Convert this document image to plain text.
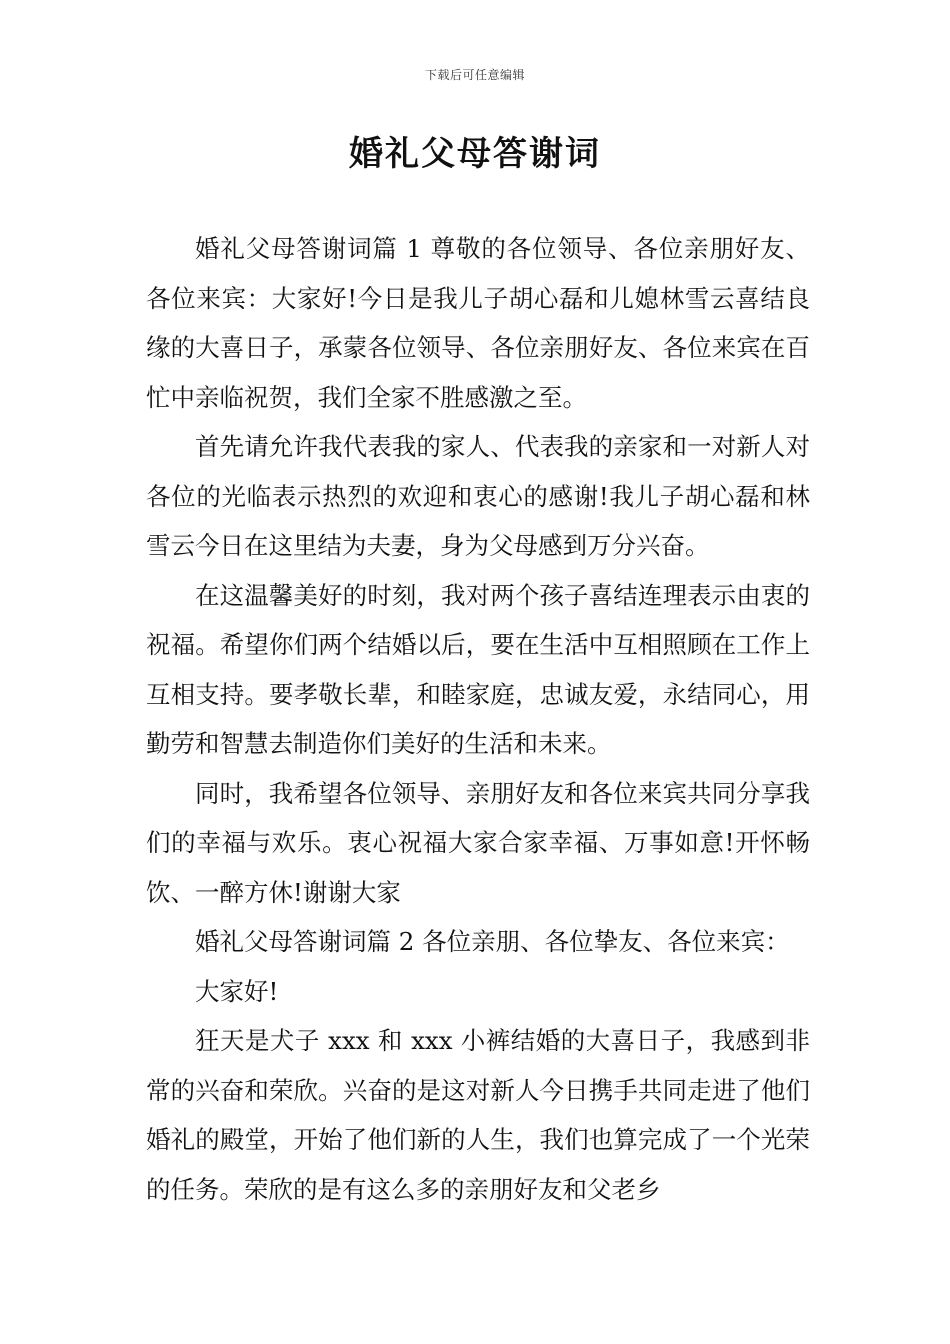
下载后可任意编辑
婚礼父母答谢词

婚礼父母答谢词篇 1 尊敬的各位领导、各位亲朋好友、各位来宾：大家好!今日是我儿子胡心磊和儿媳林雪云喜结良缘的大喜日子，承蒙各位领导、各位亲朋好友、各位来宾在百忙中亲临祝贺，我们全家不胜感激之至。

首先请允许我代表我的家人、代表我的亲家和一对新人对各位的光临表示热烈的欢迎和衷心的感谢!我儿子胡心磊和林雪云今日在这里结为夫妻，身为父母感到万分兴奋。

在这温馨美好的时刻，我对两个孩子喜结连理表示由衷的祝福。希望你们两个结婚以后，要在生活中互相照顾在工作上互相支持。要孝敬长辈，和睦家庭，忠诚友爱，永结同心，用勤劳和智慧去制造你们美好的生活和未来。

同时，我希望各位领导、亲朋好友和各位来宾共同分享我们的幸福与欢乐。衷心祝福大家合家幸福、万事如意!开怀畅饮、一醉方休!谢谢大家

婚礼父母答谢词篇 2 各位亲朋、各位挚友、各位来宾：

大家好!

狂天是犬子 xxx 和 xxx 小裤结婚的大喜日子，我感到非常的兴奋和荣欣。兴奋的是这对新人今日携手共同走进了他们婚礼的殿堂，开始了他们新的人生，我们也算完成了一个光荣的任务。荣欣的是有这么多的亲朋好友和父老乡
